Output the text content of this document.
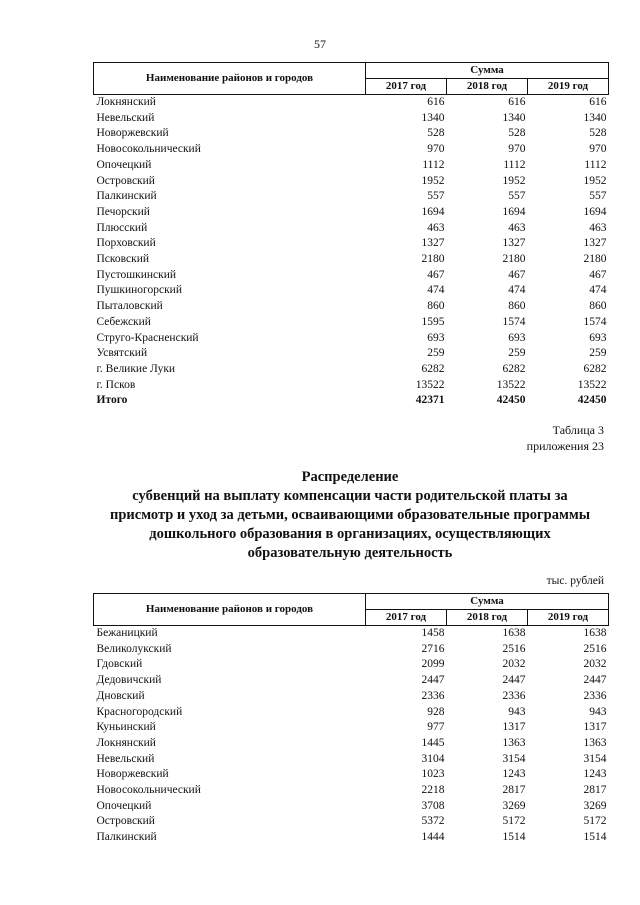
57
Наименование районов и городов	Сумма		
	2017 год	2018 год	2019 год
Локнянский	616	616	616
Невельский	1340	1340	1340
Новоржевский	528	528	528
Новосокольнический	970	970	970
Опочецкий	1112	1112	1112
Островский	1952	1952	1952
Палкинский	557	557	557
Печорский	1694	1694	1694
Плюсский	463	463	463
Порховский	1327	1327	1327
Псковский	2180	2180	2180
Пустошкинский	467	467	467
Пушкиногорский	474	474	474
Пыталовский	860	860	860
Себежский	1595	1574	1574
Струго-Красненский	693	693	693
Усвятский	259	259	259
г. Великие Луки	6282	6282	6282
г. Псков	13522	13522	13522
Итого	42371	42450	42450
Таблица 3
приложения 23
Распределение
субвенций на выплату компенсации части родительской платы за
присмотр и уход за детьми, осваивающими образовательные программы
дошкольного образования в организациях, осуществляющих
образовательную деятельность
тыс. рублей
Наименование районов и городов	Сумма		
	2017 год	2018 год	2019 год
Бежаницкий	1458	1638	1638
Великолукский	2716	2516	2516
Гдовский	2099	2032	2032
Дедовичский	2447	2447	2447
Дновский	2336	2336	2336
Красногородский	928	943	943
Куньинский	977	1317	1317
Локнянский	1445	1363	1363
Невельский	3104	3154	3154
Новоржевский	1023	1243	1243
Новосокольнический	2218	2817	2817
Опочецкий	3708	3269	3269
Островский	5372	5172	5172
Палкинский	1444	1514	1514
